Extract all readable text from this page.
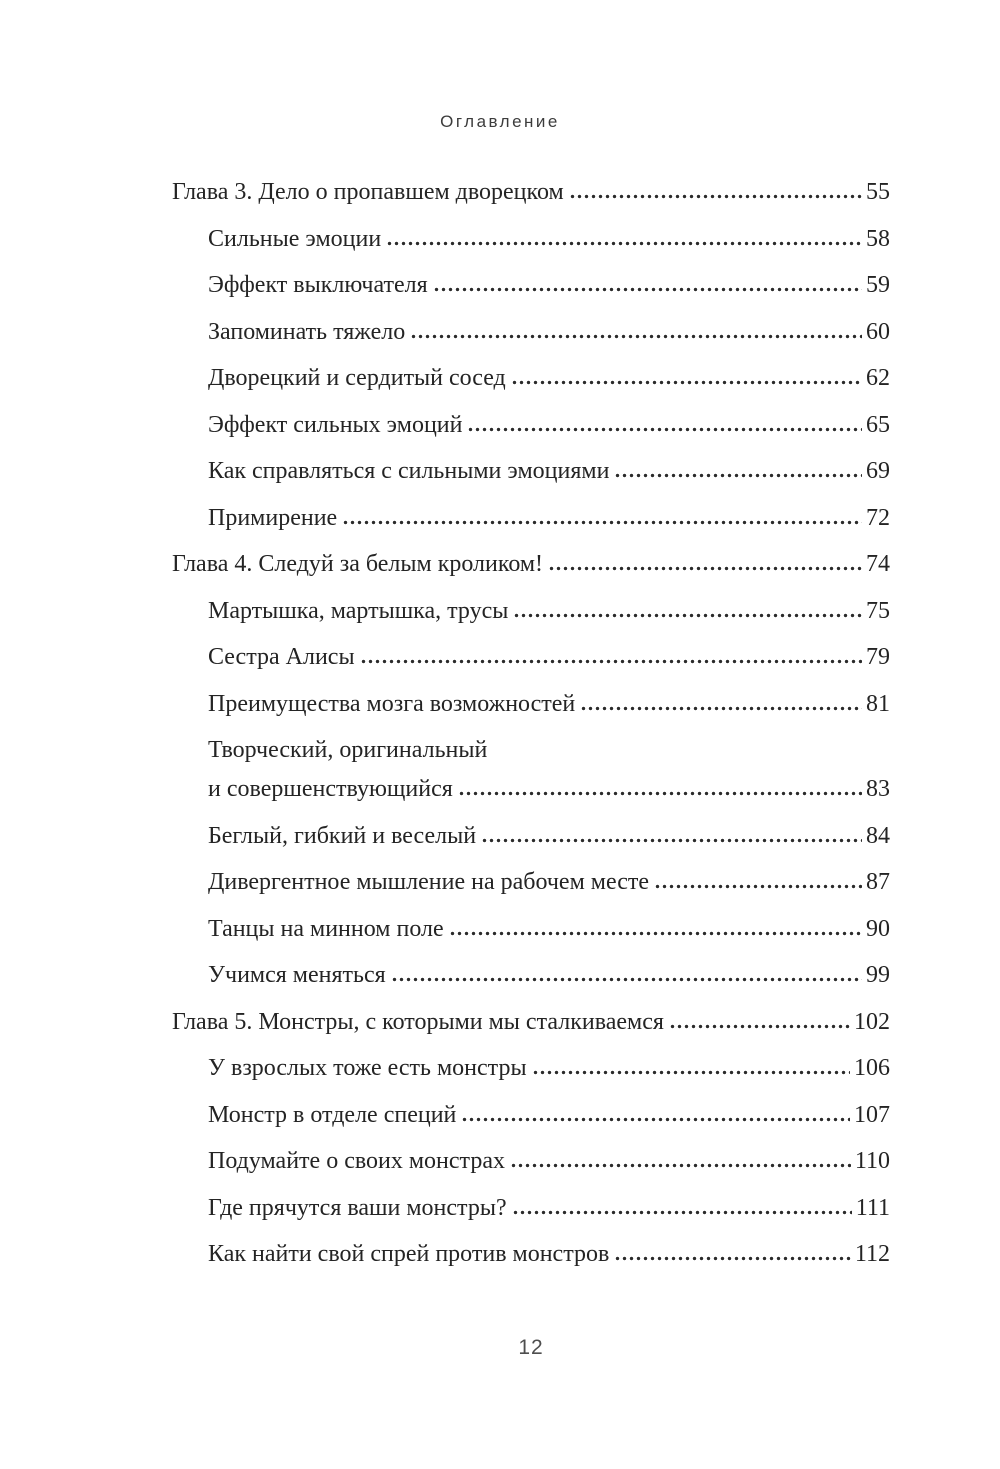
Оглавление
Глава 3. Дело о пропавшем дворецком	55
Сильные эмоции	58
Эффект выключателя	59
Запоминать тяжело	60
Дворецкий и сердитый сосед	62
Эффект сильных эмоций	65
Как справляться с сильными эмоциями	69
Примирение	72
Глава 4. Следуй за белым кроликом!	74
Мартышка, мартышка, трусы	75
Сестра Алисы	79
Преимущества мозга возможностей	81
Творческий, оригинальный
и совершенствующийся	83
Беглый, гибкий и веселый	84
Дивергентное мышление на рабочем месте	87
Танцы на минном поле	90
Учимся меняться	99
Глава 5. Монстры, с которыми мы сталкиваемся	102
У взрослых тоже есть монстры	106
Монстр в отделе специй	107
Подумайте о своих монстрах	110
Где прячутся ваши монстры?	111
Как найти свой спрей против монстров	112
12
